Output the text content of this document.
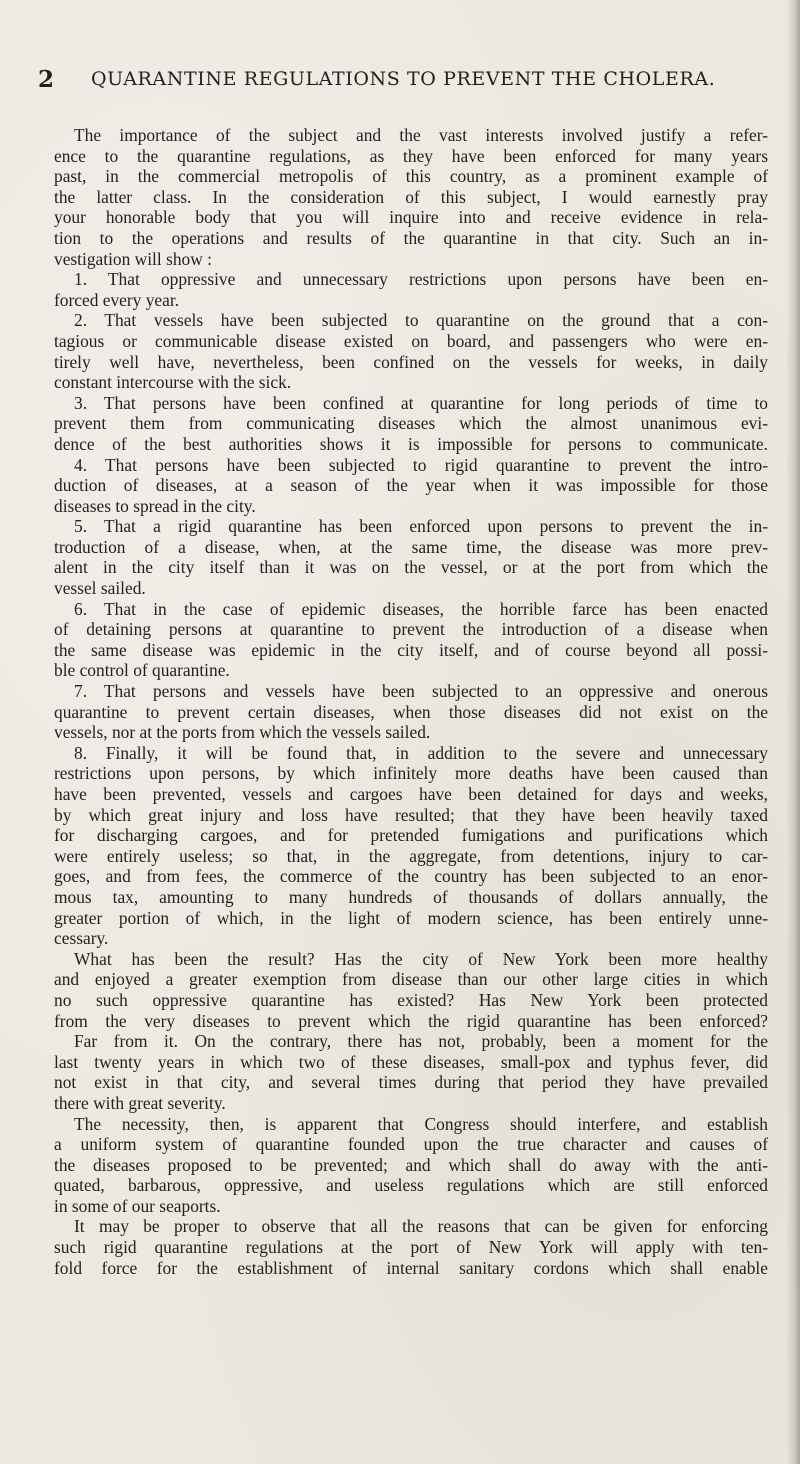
2 QUARANTINE REGULATIONS TO PREVENT THE CHOLERA.
The importance of the subject and the vast interests involved justify a refer-
ence to the quarantine regulations, as they have been enforced for many years
past, in the commercial metropolis of this country, as a prominent example of
the latter class. In the consideration of this subject, I would earnestly pray
your honorable body that you will inquire into and receive evidence in rela-
tion to the operations and results of the quarantine in that city. Such an in-
vestigation will show :
1. That oppressive and unnecessary restrictions upon persons have been en-
forced every year.
2. That vessels have been subjected to quarantine on the ground that a con-
tagious or communicable disease existed on board, and passengers who were en-
tirely well have, nevertheless, been confined on the vessels for weeks, in daily
constant intercourse with the sick.
3. That persons have been confined at quarantine for long periods of time to
prevent them from communicating diseases which the almost unanimous evi-
dence of the best authorities shows it is impossible for persons to communicate.
4. That persons have been subjected to rigid quarantine to prevent the intro-
duction of diseases, at a season of the year when it was impossible for those
diseases to spread in the city.
5. That a rigid quarantine has been enforced upon persons to prevent the in-
troduction of a disease, when, at the same time, the disease was more prev-
alent in the city itself than it was on the vessel, or at the port from which the
vessel sailed.
6. That in the case of epidemic diseases, the horrible farce has been enacted
of detaining persons at quarantine to prevent the introduction of a disease when
the same disease was epidemic in the city itself, and of course beyond all possi-
ble control of quarantine.
7. That persons and vessels have been subjected to an oppressive and onerous
quarantine to prevent certain diseases, when those diseases did not exist on the
vessels, nor at the ports from which the vessels sailed.
8. Finally, it will be found that, in addition to the severe and unnecessary
restrictions upon persons, by which infinitely more deaths have been caused than
have been prevented, vessels and cargoes have been detained for days and weeks,
by which great injury and loss have resulted; that they have been heavily taxed
for discharging cargoes, and for pretended fumigations and purifications which
were entirely useless; so that, in the aggregate, from detentions, injury to car-
goes, and from fees, the commerce of the country has been subjected to an enor-
mous tax, amounting to many hundreds of thousands of dollars annually, the
greater portion of which, in the light of modern science, has been entirely unne-
cessary.
What has been the result? Has the city of New York been more healthy
and enjoyed a greater exemption from disease than our other large cities in which
no such oppressive quarantine has existed? Has New York been protected
from the very diseases to prevent which the rigid quarantine has been enforced?
Far from it. On the contrary, there has not, probably, been a moment for the
last twenty years in which two of these diseases, small-pox and typhus fever, did
not exist in that city, and several times during that period they have prevailed
there with great severity.
The necessity, then, is apparent that Congress should interfere, and establish
a uniform system of quarantine founded upon the true character and causes of
the diseases proposed to be prevented; and which shall do away with the anti-
quated, barbarous, oppressive, and useless regulations which are still enforced
in some of our seaports.
It may be proper to observe that all the reasons that can be given for enforcing
such rigid quarantine regulations at the port of New York will apply with ten-
fold force for the establishment of internal sanitary cordons which shall enable
